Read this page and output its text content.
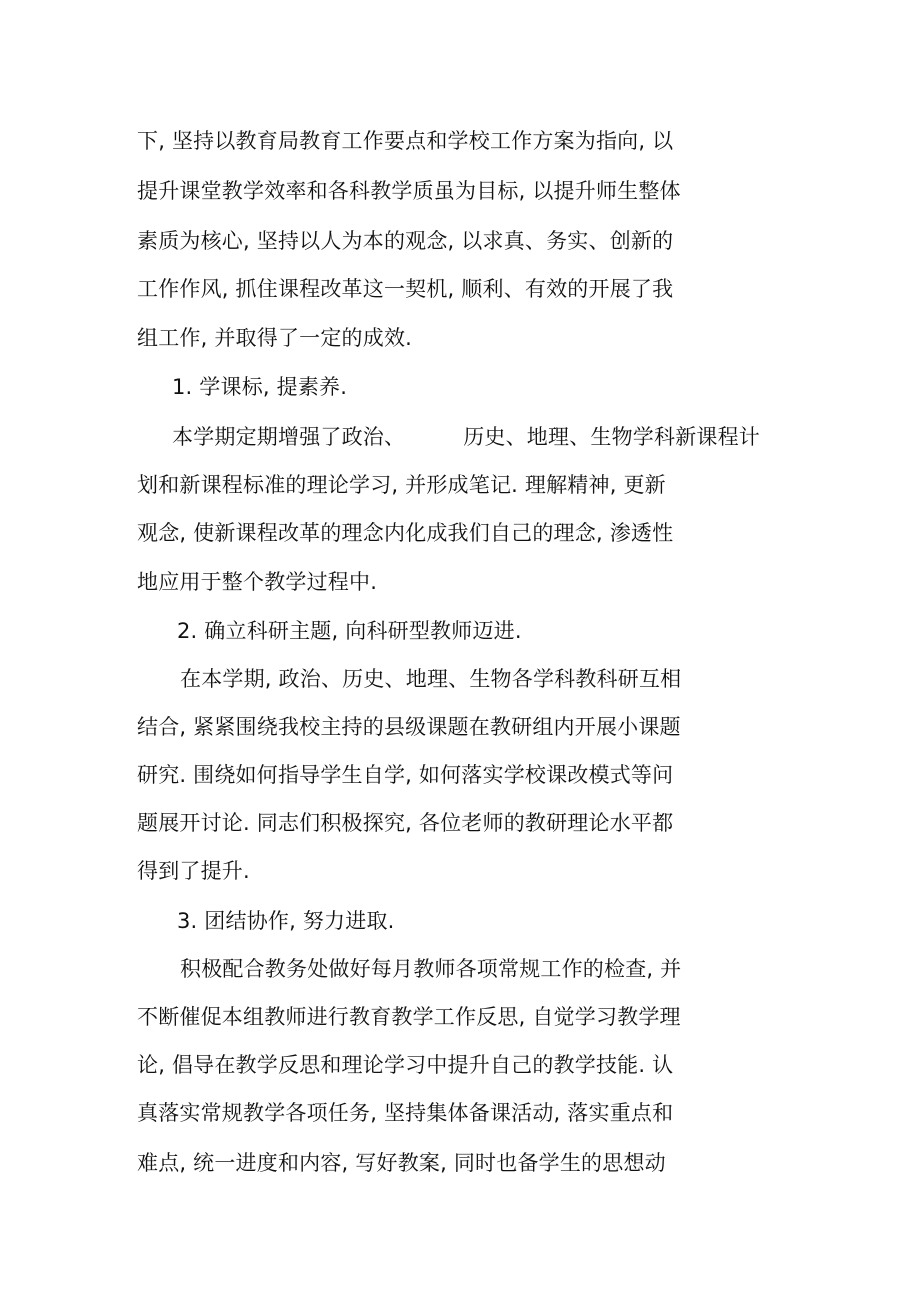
下, 坚持以教育局教育工作要点和学校工作方案为指向, 以
提升课堂教学效率和各科教学质虽为目标, 以提升师生整体
素质为核心, 坚持以人为本的观念, 以求真、务实、创新的
工作作风, 抓住课程改革这一契机, 顺利、有效的开展了我
组工作, 并取得了一定的成效.
1. 学课标, 提素养.
本学期定期增强了政治、	历史、地理、生物学科新课程计
划和新课程标准的理论学习, 并形成笔记. 理解精神, 更新
观念, 使新课程改革的理念内化成我们自己的理念, 渗透性
地应用于整个教学过程中.
2. 确立科研主题, 向科研型教师迈进.
在本学期, 政治、历史、地理、生物各学科教科研互相
结合, 紧紧围绕我校主持的县级课题在教研组内开展小课题
研究. 围绕如何指导学生自学, 如何落实学校课改模式等问
题展开讨论. 同志们积极探究, 各位老师的教研理论水平都
得到了提升.
3. 团结协作, 努力进取.
积极配合教务处做好每月教师各项常规工作的检查, 并
不断催促本组教师进行教育教学工作反思, 自觉学习教学理
论, 倡导在教学反思和理论学习中提升自己的教学技能. 认
真落实常规教学各项任务, 坚持集体备课活动, 落实重点和
难点, 统一进度和内容, 写好教案, 同时也备学生的思想动
